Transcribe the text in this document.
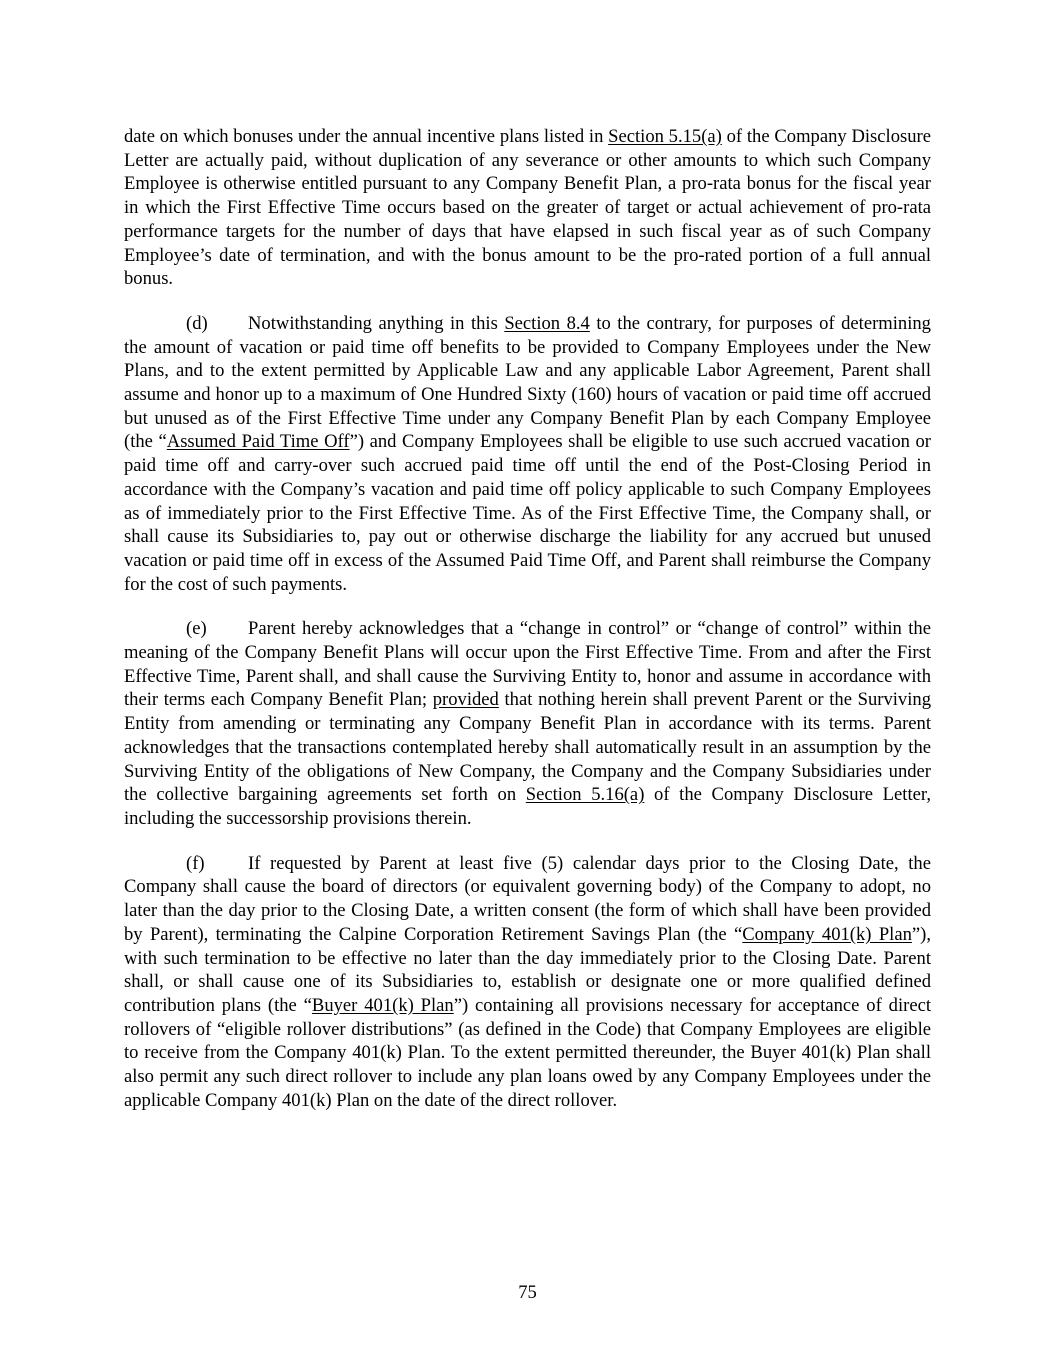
date on which bonuses under the annual incentive plans listed in Section 5.15(a) of the Company Disclosure Letter are actually paid, without duplication of any severance or other amounts to which such Company Employee is otherwise entitled pursuant to any Company Benefit Plan, a pro-rata bonus for the fiscal year in which the First Effective Time occurs based on the greater of target or actual achievement of pro-rata performance targets for the number of days that have elapsed in such fiscal year as of such Company Employee’s date of termination, and with the bonus amount to be the pro-rated portion of a full annual bonus.

(d) Notwithstanding anything in this Section 8.4 to the contrary, for purposes of determining the amount of vacation or paid time off benefits to be provided to Company Employees under the New Plans, and to the extent permitted by Applicable Law and any applicable Labor Agreement, Parent shall assume and honor up to a maximum of One Hundred Sixty (160) hours of vacation or paid time off accrued but unused as of the First Effective Time under any Company Benefit Plan by each Company Employee (the “Assumed Paid Time Off”) and Company Employees shall be eligible to use such accrued vacation or paid time off and carry-over such accrued paid time off until the end of the Post-Closing Period in accordance with the Company’s vacation and paid time off policy applicable to such Company Employees as of immediately prior to the First Effective Time. As of the First Effective Time, the Company shall, or shall cause its Subsidiaries to, pay out or otherwise discharge the liability for any accrued but unused vacation or paid time off in excess of the Assumed Paid Time Off, and Parent shall reimburse the Company for the cost of such payments.

(e) Parent hereby acknowledges that a “change in control” or “change of control” within the meaning of the Company Benefit Plans will occur upon the First Effective Time. From and after the First Effective Time, Parent shall, and shall cause the Surviving Entity to, honor and assume in accordance with their terms each Company Benefit Plan; provided that nothing herein shall prevent Parent or the Surviving Entity from amending or terminating any Company Benefit Plan in accordance with its terms. Parent acknowledges that the transactions contemplated hereby shall automatically result in an assumption by the Surviving Entity of the obligations of New Company, the Company and the Company Subsidiaries under the collective bargaining agreements set forth on Section 5.16(a) of the Company Disclosure Letter, including the successorship provisions therein.

(f) If requested by Parent at least five (5) calendar days prior to the Closing Date, the Company shall cause the board of directors (or equivalent governing body) of the Company to adopt, no later than the day prior to the Closing Date, a written consent (the form of which shall have been provided by Parent), terminating the Calpine Corporation Retirement Savings Plan (the “Company 401(k) Plan”), with such termination to be effective no later than the day immediately prior to the Closing Date. Parent shall, or shall cause one of its Subsidiaries to, establish or designate one or more qualified defined contribution plans (the “Buyer 401(k) Plan”) containing all provisions necessary for acceptance of direct rollovers of “eligible rollover distributions” (as defined in the Code) that Company Employees are eligible to receive from the Company 401(k) Plan. To the extent permitted thereunder, the Buyer 401(k) Plan shall also permit any such direct rollover to include any plan loans owed by any Company Employees under the applicable Company 401(k) Plan on the date of the direct rollover.

75
